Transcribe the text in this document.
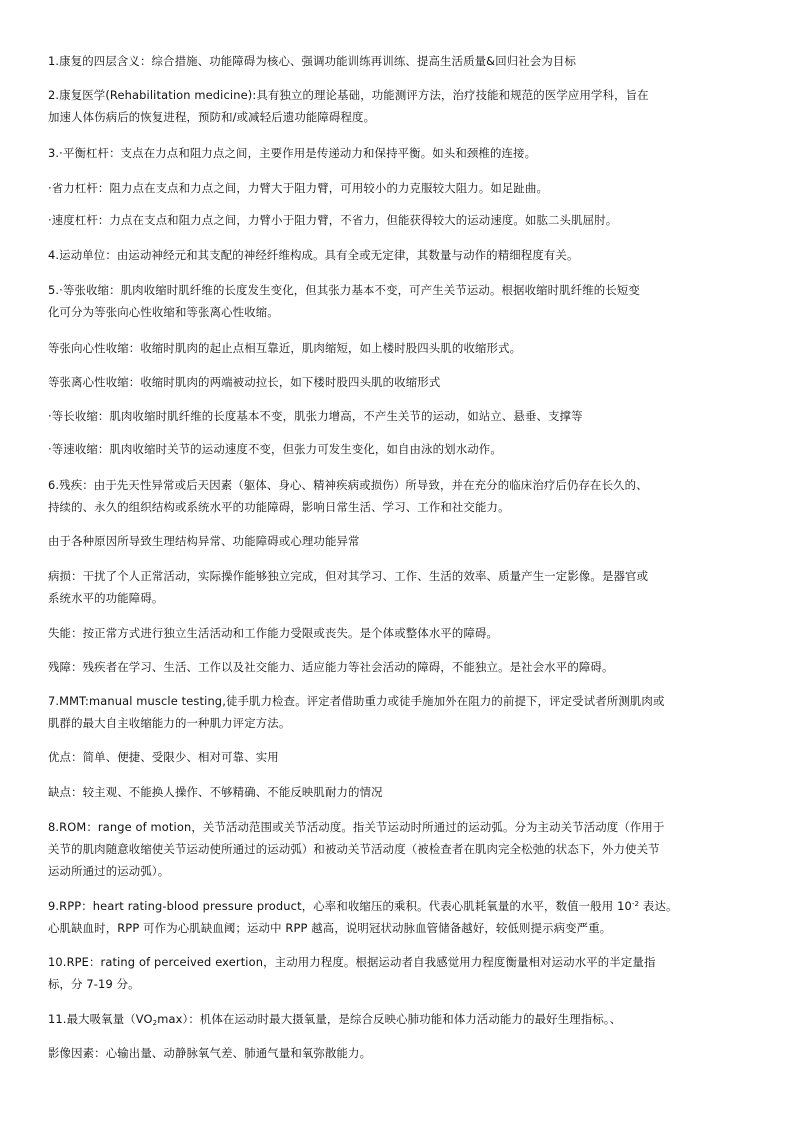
1.康复的四层含义：综合措施、功能障碍为核心、强调功能训练再训练、提高生活质量&回归社会为目标
2.康复医学(Rehabilitation medicine):具有独立的理论基础，功能测评方法，治疗技能和规范的医学应用学科，旨在
加速人体伤病后的恢复进程，预防和/或减轻后遗功能障碍程度。
3.·平衡杠杆：支点在力点和阻力点之间，主要作用是传递动力和保持平衡。如头和颈椎的连接。
·省力杠杆：阻力点在支点和力点之间，力臂大于阻力臂，可用较小的力克服较大阻力。如足趾曲。
·速度杠杆：力点在支点和阻力点之间，力臂小于阻力臂，不省力，但能获得较大的运动速度。如肱二头肌屈肘。
4.运动单位：由运动神经元和其支配的神经纤维构成。具有全或无定律，其数量与动作的精细程度有关。
5.·等张收缩：肌肉收缩时肌纤维的长度发生变化，但其张力基本不变，可产生关节运动。根据收缩时肌纤维的长短变
化可分为等张向心性收缩和等张离心性收缩。
等张向心性收缩：收缩时肌肉的起止点相互靠近，肌肉缩短，如上楼时股四头肌的收缩形式。
等张离心性收缩：收缩时肌肉的两端被动拉长，如下楼时股四头肌的收缩形式
·等长收缩：肌肉收缩时肌纤维的长度基本不变，肌张力增高，不产生关节的运动，如站立、悬垂、支撑等
·等速收缩：肌肉收缩时关节的运动速度不变，但张力可发生变化，如自由泳的划水动作。
6.残疾：由于先天性异常或后天因素（躯体、身心、精神疾病或损伤）所导致，并在充分的临床治疗后仍存在长久的、
持续的、永久的组织结构或系统水平的功能障碍，影响日常生活、学习、工作和社交能力。
由于各种原因所导致生理结构异常、功能障碍或心理功能异常
病损：干扰了个人正常活动，实际操作能够独立完成，但对其学习、工作、生活的效率、质量产生一定影像。是器官或
系统水平的功能障碍。
失能：按正常方式进行独立生活活动和工作能力受限或丧失。是个体或整体水平的障碍。
残障：残疾者在学习、生活、工作以及社交能力、适应能力等社会活动的障碍，不能独立。是社会水平的障碍。
7.MMT:manual muscle testing,徒手肌力检查。评定者借助重力或徒手施加外在阻力的前提下，评定受试者所测肌肉或
肌群的最大自主收缩能力的一种肌力评定方法。
优点：简单、便捷、受限少、相对可靠、实用
缺点：较主观、不能换人操作、不够精确、不能反映肌耐力的情况
8.ROM：range of motion，关节活动范围或关节活动度。指关节运动时所通过的运动弧。分为主动关节活动度（作用于
关节的肌肉随意收缩使关节运动使所通过的运动弧）和被动关节活动度（被检查者在肌肉完全松弛的状态下，外力使关节
运动所通过的运动弧）。
9.RPP：heart rating-blood pressure product，心率和收缩压的乘积。代表心肌耗氧量的水平，数值一般用 $10^{-2}$ 表达。
心肌缺血时，RPP 可作为心肌缺血阈；运动中 RPP 越高，说明冠状动脉血管储备越好，较低则提示病变严重。
10.RPE：rating of perceived exertion，主动用力程度。根据运动者自我感觉用力程度衡量相对运动水平的半定量指
标，分 7-19 分。
11.最大吸氧量$(VO_2\max)$：机体在运动时最大摄氧量，是综合反映心肺功能和体力活动能力的最好生理指标。、
影像因素：心输出量、动静脉氧气差、肺通气量和氧弥散能力。
